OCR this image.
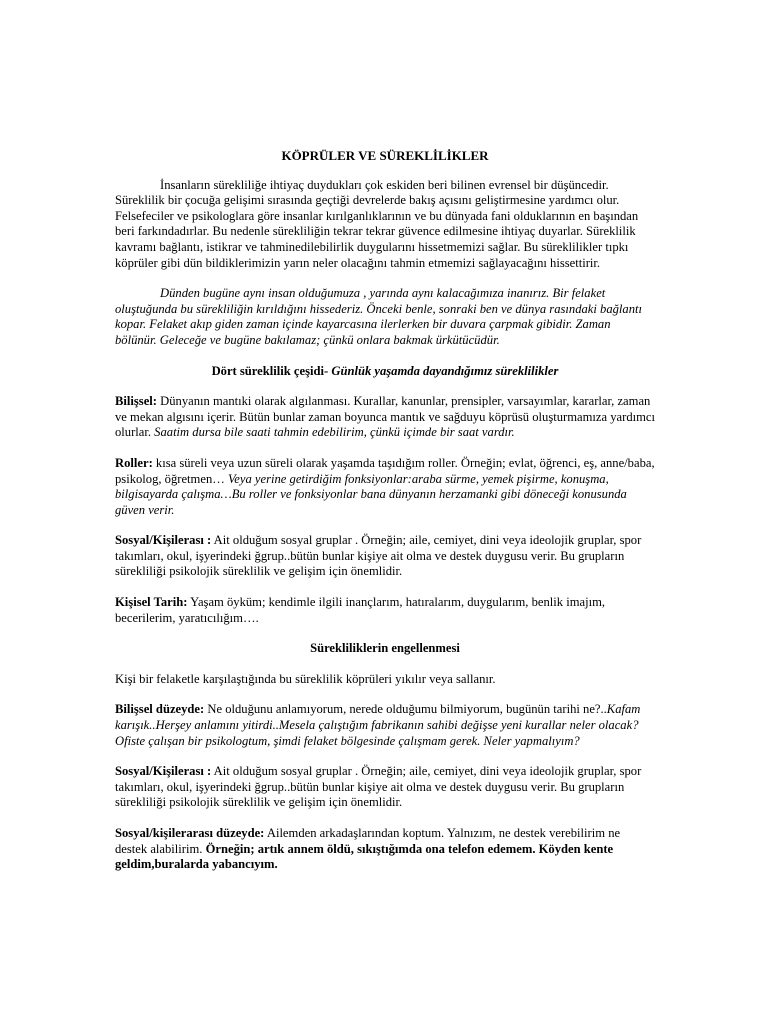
KÖPRÜLER VE SÜREKLİLİKLER

İnsanların sürekliliğe ihtiyaç duydukları çok eskiden beri bilinen evrensel bir düşüncedir. Süreklilik bir çocuğa gelişimi sırasında geçtiği devrelerde bakış açısını geliştirmesine yardımcı olur. Felsefeciler ve psikologlara göre insanlar kırılganlıklarının ve bu dünyada fani olduklarının en başından beri farkındadırlar. Bu nedenle sürekliliğin tekrar tekrar güvence edilmesine ihtiyaç duyarlar. Süreklilik kavramı bağlantı, istikrar ve tahminedilebilirlik duygularını hissetmemizi sağlar. Bu süreklilikler tıpkı köprüler gibi dün bildiklerimizin yarın neler olacağını tahmin etmemizi sağlayacağını hissettirir.

Dünden bugüne aynı insan olduğumuza , yarında aynı kalacağımıza inanırız. Bir felaket oluştuğunda bu sürekliliğin kırıldığını hissederiz. Önceki benle, sonraki ben ve dünya rasındaki bağlantı kopar. Felaket akıp giden zaman içinde kayarcasına ilerlerken bir duvara çarpmak gibidir. Zaman bölünür. Geleceğe ve bugüne bakılamaz; çünkü onlara bakmak ürkütücüdür.

Dört süreklilik çeşidi- Günlük yaşamda dayandığımız süreklilikler

Bilişsel: Dünyanın mantıki olarak algılanması. Kurallar, kanunlar, prensipler, varsayımlar, kararlar, zaman ve mekan algısını içerir. Bütün bunlar zaman boyunca mantık ve sağduyu köprüsü oluşturmamıza yardımcı olurlar. Saatim dursa bile saati tahmin edebilirim, çünkü içimde bir saat vardır.

Roller: kısa süreli veya uzun süreli olarak yaşamda taşıdığım roller. Örneğin; evlat, öğrenci, eş, anne/baba, psikolog, öğretmen… Veya yerine getirdiğim fonksiyonlar:araba sürme, yemek pişirme, konuşma, bilgisayarda çalışma…Bu roller ve fonksiyonlar bana dünyanın herzamanki gibi döneceği konusunda güven verir.

Sosyal/Kişilerası : Ait olduğum sosyal gruplar . Örneğin; aile, cemiyet, dini veya ideolojik gruplar, spor takımları, okul, işyerindeki ğgrup..bütün bunlar kişiye ait olma ve destek duygusu verir. Bu grupların sürekliliği psikolojik süreklilik ve gelişim için önemlidir.

Kişisel Tarih: Yaşam öyküm; kendimle ilgili inançlarım, hatıralarım, duygularım, benlik imajım, becerilerim, yaratıcılığım….

Sürekliliklerin engellenmesi

Kişi bir felaketle karşılaştığında bu süreklilik köprüleri yıkılır veya sallanır.

Bilişsel düzeyde: Ne olduğunu anlamıyorum, nerede olduğumu bilmiyorum, bugünün tarihi ne?..Kafam karışık..Herşey anlamını yitirdi..Mesela çalıştığım fabrikanın sahibi değişse yeni kurallar neler olacak? Ofiste çalışan bir psikologtum, şimdi felaket bölgesinde çalışmam gerek. Neler yapmalıyım?

Sosyal/Kişilerası : Ait olduğum sosyal gruplar . Örneğin; aile, cemiyet, dini veya ideolojik gruplar, spor takımları, okul, işyerindeki ğgrup..bütün bunlar kişiye ait olma ve destek duygusu verir. Bu grupların sürekliliği psikolojik süreklilik ve gelişim için önemlidir.

Sosyal/kişilerarası düzeyde: Ailemden arkadaşlarından koptum. Yalnızım, ne destek verebilirim ne destek alabilirim. Örneğin; artık annem öldü, sıkıştığımda ona telefon edemem. Köyden kente geldim,buralarda yabancıyım.
